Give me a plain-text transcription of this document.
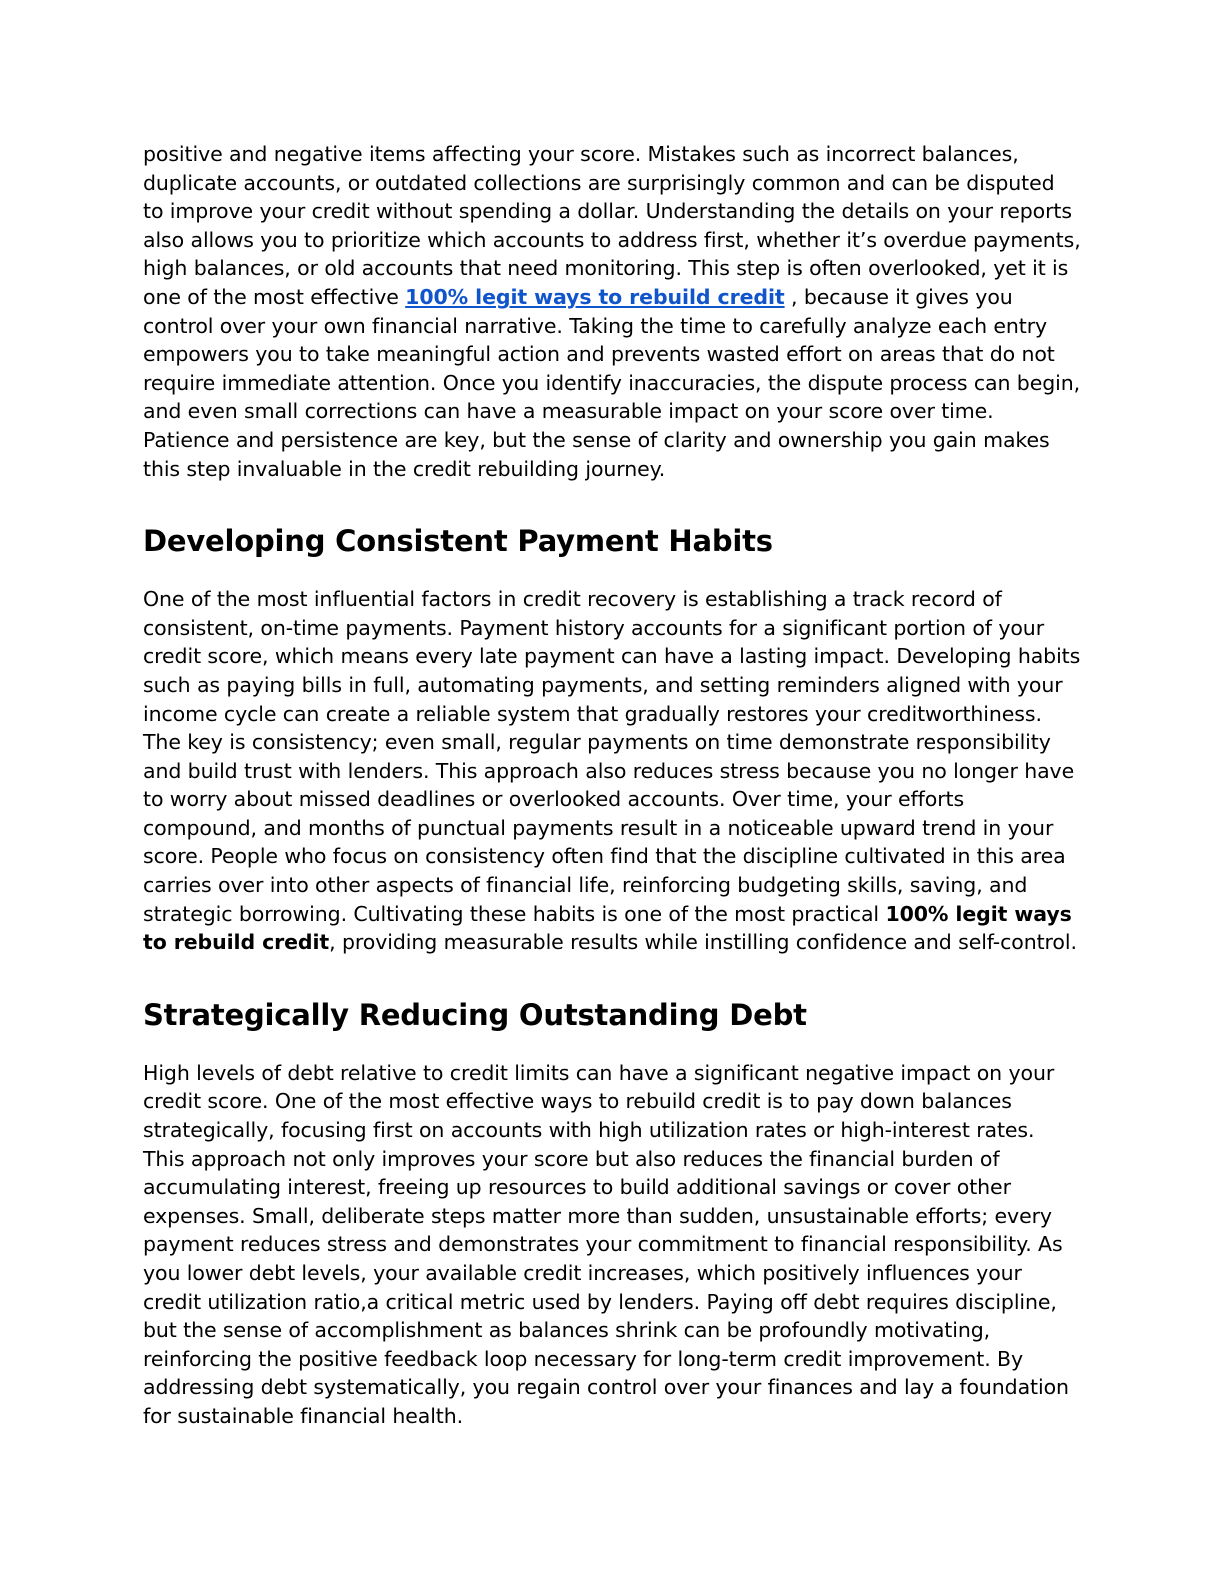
positive and negative items affecting your score. Mistakes such as incorrect balances, duplicate accounts, or outdated collections are surprisingly common and can be disputed to improve your credit without spending a dollar. Understanding the details on your reports also allows you to prioritize which accounts to address first, whether it’s overdue payments, high balances, or old accounts that need monitoring. This step is often overlooked, yet it is one of the most effective 100% legit ways to rebuild credit , because it gives you control over your own financial narrative. Taking the time to carefully analyze each entry empowers you to take meaningful action and prevents wasted effort on areas that do not require immediate attention. Once you identify inaccuracies, the dispute process can begin, and even small corrections can have a measurable impact on your score over time. Patience and persistence are key, but the sense of clarity and ownership you gain makes this step invaluable in the credit rebuilding journey.

Developing Consistent Payment Habits

One of the most influential factors in credit recovery is establishing a track record of consistent, on-time payments. Payment history accounts for a significant portion of your credit score, which means every late payment can have a lasting impact. Developing habits such as paying bills in full, automating payments, and setting reminders aligned with your income cycle can create a reliable system that gradually restores your creditworthiness. The key is consistency; even small, regular payments on time demonstrate responsibility and build trust with lenders. This approach also reduces stress because you no longer have to worry about missed deadlines or overlooked accounts. Over time, your efforts compound, and months of punctual payments result in a noticeable upward trend in your score. People who focus on consistency often find that the discipline cultivated in this area carries over into other aspects of financial life, reinforcing budgeting skills, saving, and strategic borrowing. Cultivating these habits is one of the most practical 100% legit ways to rebuild credit, providing measurable results while instilling confidence and self-control.

Strategically Reducing Outstanding Debt

High levels of debt relative to credit limits can have a significant negative impact on your credit score. One of the most effective ways to rebuild credit is to pay down balances strategically, focusing first on accounts with high utilization rates or high-interest rates. This approach not only improves your score but also reduces the financial burden of accumulating interest, freeing up resources to build additional savings or cover other expenses. Small, deliberate steps matter more than sudden, unsustainable efforts; every payment reduces stress and demonstrates your commitment to financial responsibility. As you lower debt levels, your available credit increases, which positively influences your credit utilization ratio,a critical metric used by lenders. Paying off debt requires discipline, but the sense of accomplishment as balances shrink can be profoundly motivating, reinforcing the positive feedback loop necessary for long-term credit improvement. By addressing debt systematically, you regain control over your finances and lay a foundation for sustainable financial health.
